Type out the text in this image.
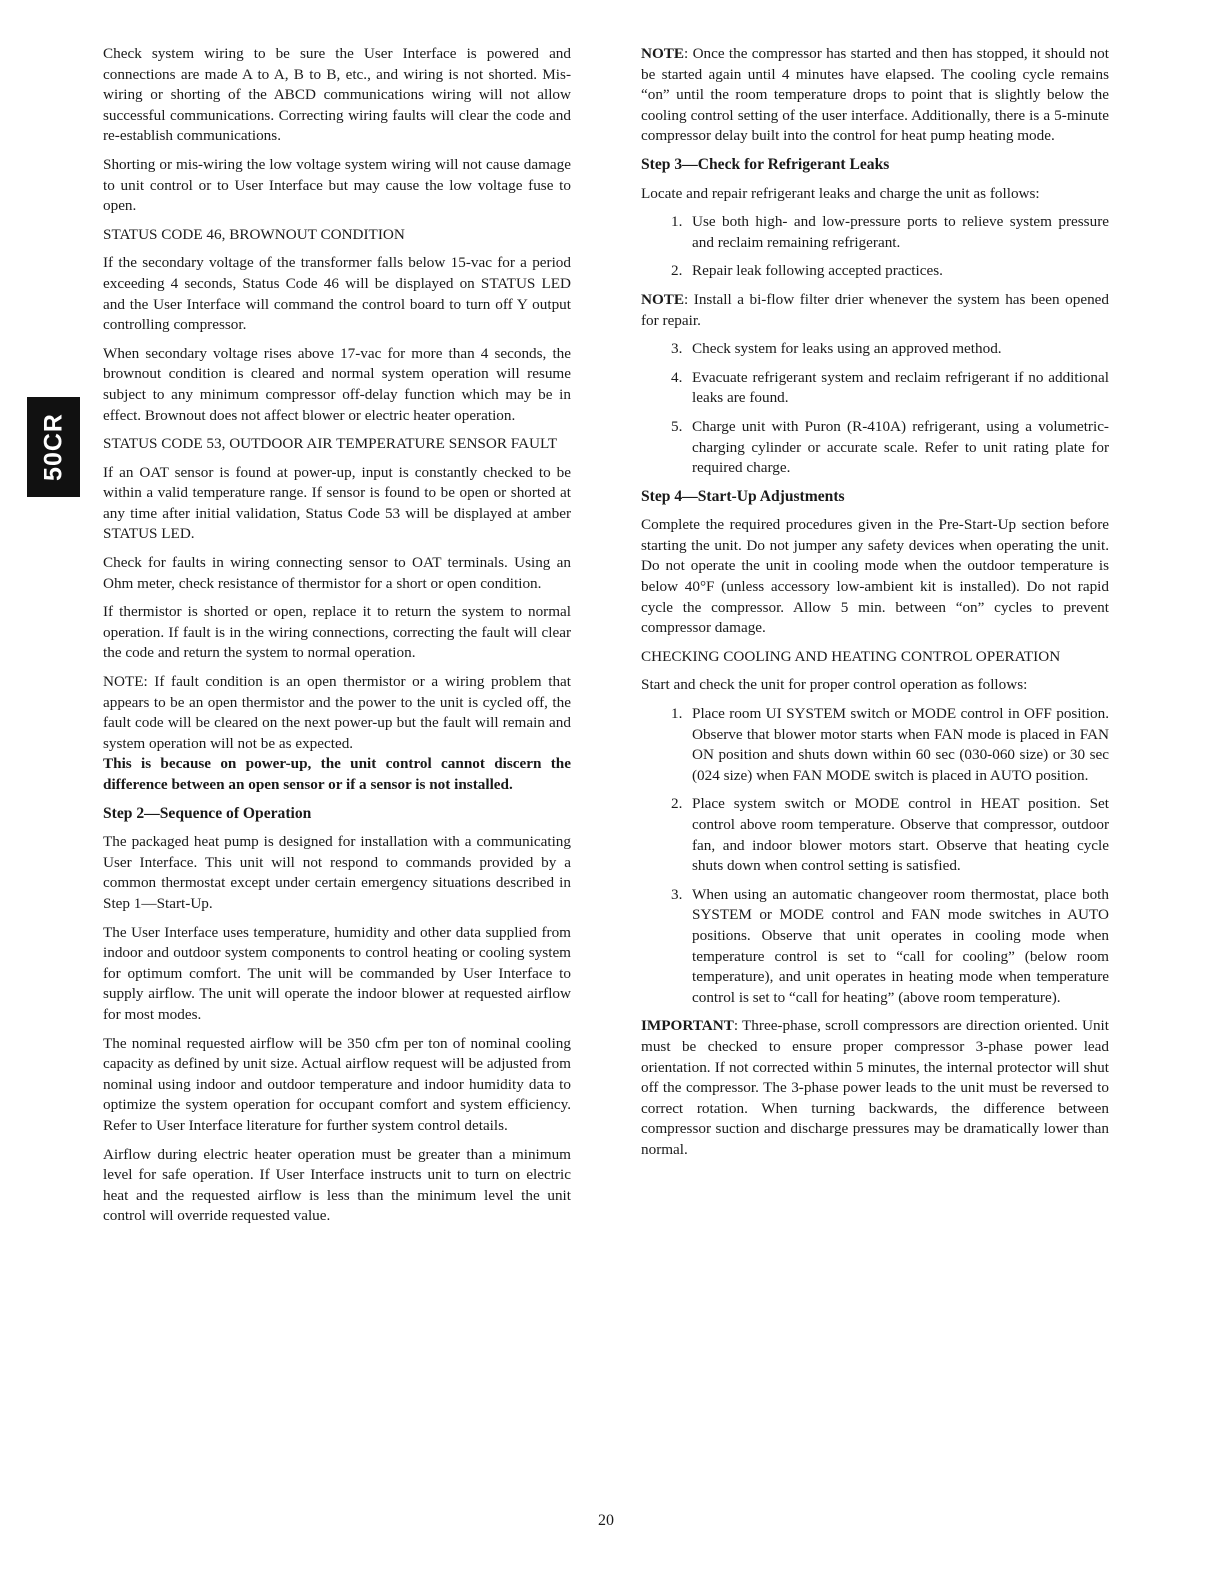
50CR

Check system wiring to be sure the User Interface is powered and connections are made A to A, B to B, etc., and wiring is not shorted. Mis-wiring or shorting of the ABCD communications wiring will not allow successful communications. Correcting wiring faults will clear the code and re-establish communications.

Shorting or mis-wiring the low voltage system wiring will not cause damage to unit control or to User Interface but may cause the low voltage fuse to open.

STATUS CODE 46, BROWNOUT CONDITION

If the secondary voltage of the transformer falls below 15-vac for a period exceeding 4 seconds, Status Code 46 will be displayed on STATUS LED and the User Interface will command the control board to turn off Y output controlling compressor.

When secondary voltage rises above 17-vac for more than 4 seconds, the brownout condition is cleared and normal system operation will resume subject to any minimum compressor off-delay function which may be in effect. Brownout does not affect blower or electric heater operation.

STATUS CODE 53, OUTDOOR AIR TEMPERATURE SENSOR FAULT

If an OAT sensor is found at power-up, input is constantly checked to be within a valid temperature range. If sensor is found to be open or shorted at any time after initial validation, Status Code 53 will be displayed at amber STATUS LED.

Check for faults in wiring connecting sensor to OAT terminals. Using an Ohm meter, check resistance of thermistor for a short or open condition.

If thermistor is shorted or open, replace it to return the system to normal operation. If fault is in the wiring connections, correcting the fault will clear the code and return the system to normal operation.

NOTE: If fault condition is an open thermistor or a wiring problem that appears to be an open thermistor and the power to the unit is cycled off, the fault code will be cleared on the next power-up but the fault will remain and system operation will not be as expected.

This is because on power-up, the unit control cannot discern the difference between an open sensor or if a sensor is not installed.

Step 2—Sequence of Operation

The packaged heat pump is designed for installation with a communicating User Interface. This unit will not respond to commands provided by a common thermostat except under certain emergency situations described in Step 1—Start-Up.

The User Interface uses temperature, humidity and other data supplied from indoor and outdoor system components to control heating or cooling system for optimum comfort. The unit will be commanded by User Interface to supply airflow. The unit will operate the indoor blower at requested airflow for most modes.

The nominal requested airflow will be 350 cfm per ton of nominal cooling capacity as defined by unit size. Actual airflow request will be adjusted from nominal using indoor and outdoor temperature and indoor humidity data to optimize the system operation for occupant comfort and system efficiency. Refer to User Interface literature for further system control details.

Airflow during electric heater operation must be greater than a minimum level for safe operation. If User Interface instructs unit to turn on electric heat and the requested airflow is less than the minimum level the unit control will override requested value.

NOTE: Once the compressor has started and then has stopped, it should not be started again until 4 minutes have elapsed. The cooling cycle remains “on” until the room temperature drops to point that is slightly below the cooling control setting of the user interface. Additionally, there is a 5-minute compressor delay built into the control for heat pump heating mode.

Step 3—Check for Refrigerant Leaks

Locate and repair refrigerant leaks and charge the unit as follows:

1. Use both high- and low-pressure ports to relieve system pressure and reclaim remaining refrigerant.
2. Repair leak following accepted practices.

NOTE: Install a bi-flow filter drier whenever the system has been opened for repair.

3. Check system for leaks using an approved method.
4. Evacuate refrigerant system and reclaim refrigerant if no additional leaks are found.
5. Charge unit with Puron (R-410A) refrigerant, using a volumetric-charging cylinder or accurate scale. Refer to unit rating plate for required charge.
Step 4—Start-Up Adjustments

Complete the required procedures given in the Pre-Start-Up section before starting the unit. Do not jumper any safety devices when operating the unit. Do not operate the unit in cooling mode when the outdoor temperature is below 40°F (unless accessory low-ambient kit is installed). Do not rapid cycle the compressor. Allow 5 min. between “on” cycles to prevent compressor damage.

CHECKING COOLING AND HEATING CONTROL OPERATION

Start and check the unit for proper control operation as follows:

1. Place room UI SYSTEM switch or MODE control in OFF position. Observe that blower motor starts when FAN mode is placed in FAN ON position and shuts down within 60 sec (030-060 size) or 30 sec (024 size) when FAN MODE switch is placed in AUTO position.
2. Place system switch or MODE control in HEAT position. Set control above room temperature. Observe that compressor, outdoor fan, and indoor blower motors start. Observe that heating cycle shuts down when control setting is satisfied.
3. When using an automatic changeover room thermostat, place both SYSTEM or MODE control and FAN mode switches in AUTO positions. Observe that unit operates in cooling mode when temperature control is set to “call for cooling” (below room temperature), and unit operates in heating mode when temperature control is set to “call for heating” (above room temperature).

IMPORTANT: Three-phase, scroll compressors are direction oriented. Unit must be checked to ensure proper compressor 3-phase power lead orientation. If not corrected within 5 minutes, the internal protector will shut off the compressor. The 3-phase power leads to the unit must be reversed to correct rotation. When turning backwards, the difference between compressor suction and discharge pressures may be dramatically lower than normal.

20
